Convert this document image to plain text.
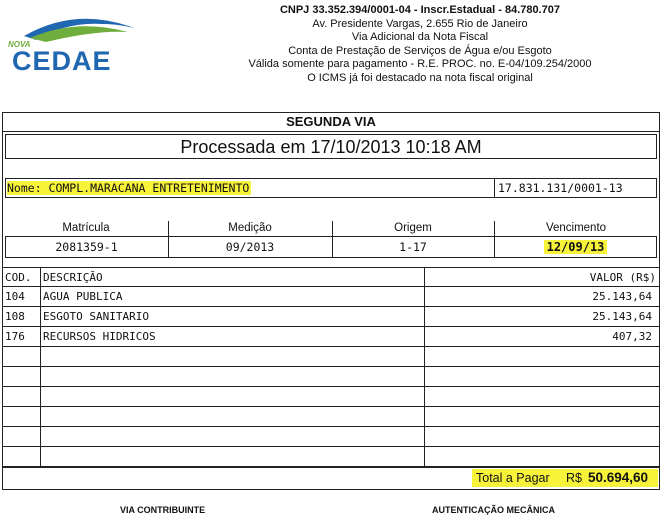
NOVA
CEDAE
CNPJ 33.352.394/0001-04 - Inscr.Estadual - 84.780.707
Av. Presidente Vargas, 2.655 Rio de Janeiro
Via Adicional da Nota Fiscal
Conta de Prestação de Serviços de Água e/ou Esgoto
Válida somente para pagamento - R.E. PROC. no. E-04/109.254/2000
O ICMS já foi destacado na nota fiscal original
SEGUNDA VIA
Processada em 17/10/2013 10:18 AM
Nome: COMPL.MARACANA ENTRETENIMENTO	17.831.131/0001-13
Matrícula	Medição	Origem	Vencimento
2081359-1	09/2013	1-17	12/09/13
COD. DESCRIÇÃO	VALOR (R$)
104 AGUA PUBLICA	25.143,64
108 ESGOTO SANITARIO	25.143,64
176 RECURSOS HIDRICOS	407,32
Total a Pagar R$ 50.694,60
VIA CONTRIBUINTE	AUTENTICAÇÃO MECÂNICA
